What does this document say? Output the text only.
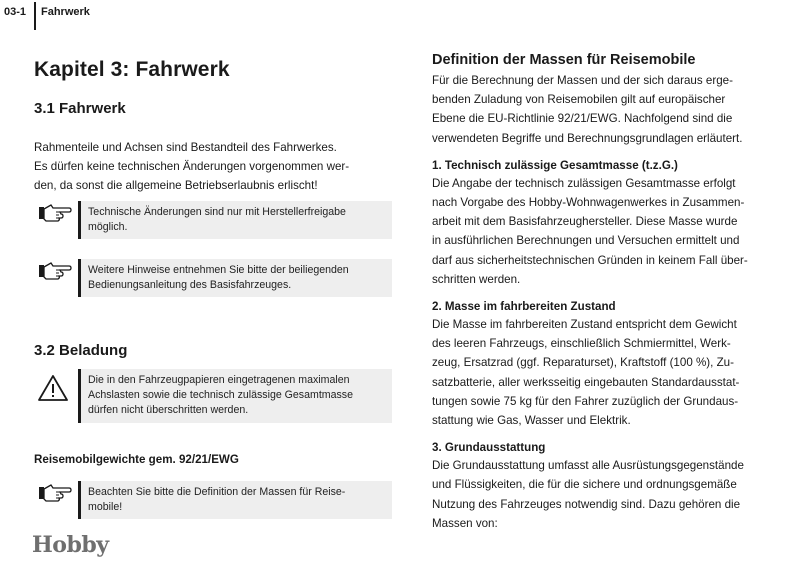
03-1 Fahrwerk
Kapitel 3: Fahrwerk
3.1 Fahrwerk
Rahmenteile und Achsen sind Bestandteil des Fahrwerkes.
Es dürfen keine technischen Änderungen vorgenommen wer-
den, da sonst die allgemeine Betriebserlaubnis erlischt!
Technische Änderungen sind nur mit Herstellerfreigabe
möglich.
Weitere Hinweise entnehmen Sie bitte der beiliegenden
Bedienungsanleitung des Basisfahrzeuges.
3.2 Beladung
Die in den Fahrzeugpapieren eingetragenen maximalen
Achslasten sowie die technisch zulässige Gesamtmasse
dürfen nicht überschritten werden.
Reisemobilgewichte gem. 92/21/EWG
Beachten Sie bitte die Definition der Massen für Reise-
mobile!
Hobby
Definition der Massen für Reisemobile
Für die Berechnung der Massen und der sich daraus erge-
benden Zuladung von Reisemobilen gilt auf europäischer
Ebene die EU-Richtlinie 92/21/EWG. Nachfolgend sind die
verwendeten Begriffe und Berechnungsgrundlagen erläutert.
1. Technisch zulässige Gesamtmasse (t.z.G.)
Die Angabe der technisch zulässigen Gesamtmasse erfolgt
nach Vorgabe des Hobby-Wohnwagenwerkes in Zusammen-
arbeit mit dem Basisfahrzeughersteller. Diese Masse wurde
in ausführlichen Berechnungen und Versuchen ermittelt und
darf aus sicherheitstechnischen Gründen in keinem Fall über-
schritten werden.
2. Masse im fahrbereiten Zustand
Die Masse im fahrbereiten Zustand entspricht dem Gewicht
des leeren Fahrzeugs, einschließlich Schmiermittel, Werk-
zeug, Ersatzrad (ggf. Reparaturset), Kraftstoff (100 %), Zu-
satzbatterie, aller werksseitig eingebauten Standardausstat-
tungen sowie 75 kg für den Fahrer zuzüglich der Grundaus-
stattung wie Gas, Wasser und Elektrik.
3. Grundausstattung
Die Grundausstattung umfasst alle Ausrüstungsgegenstände
und Flüssigkeiten, die für die sichere und ordnungsgemäße
Nutzung des Fahrzeuges notwendig sind. Dazu gehören die
Massen von:
